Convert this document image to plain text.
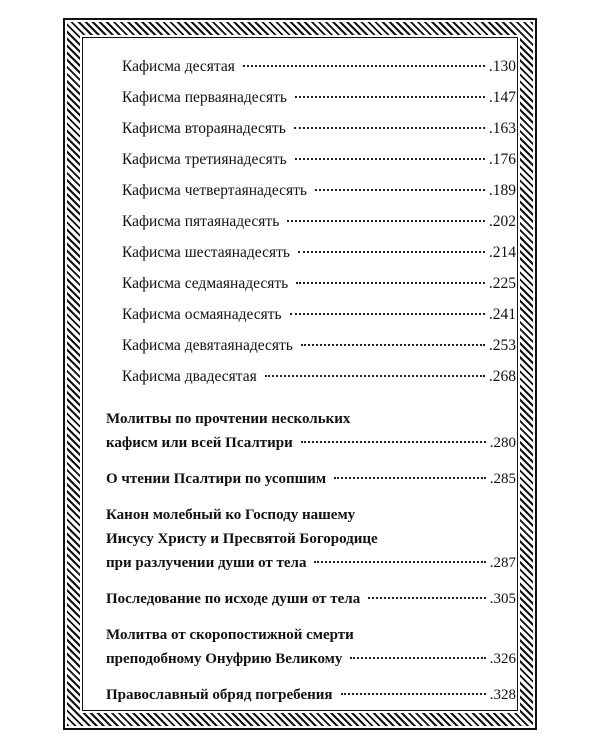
Кафисма десятая	.130
Кафисма перваянадесять	.147
Кафисма втораянадесять	.163
Кафисма третиянадесять	.176
Кафисма четвертаянадесять	.189
Кафисма пятаянадесять	.202
Кафисма шестаянадесять	.214
Кафисма седмаянадесять	.225
Кафисма осмаянадесять	.241
Кафисма девятаянадесять	.253
Кафисма двадесятая	.268
Молитвы по прочтении нескольких
кафисм или всей Псалтири	.280
О чтении Псалтири по усопшим	.285
Канон молебный ко Господу нашему
Иисусу Христу и Пресвятой Богородице
при разлучении души от тела	.287
Последование по исходе души от тела	.305
Молитва от скоропостижной смерти
преподобному Онуфрию Великому	.326
Православный обряд погребения	.328
